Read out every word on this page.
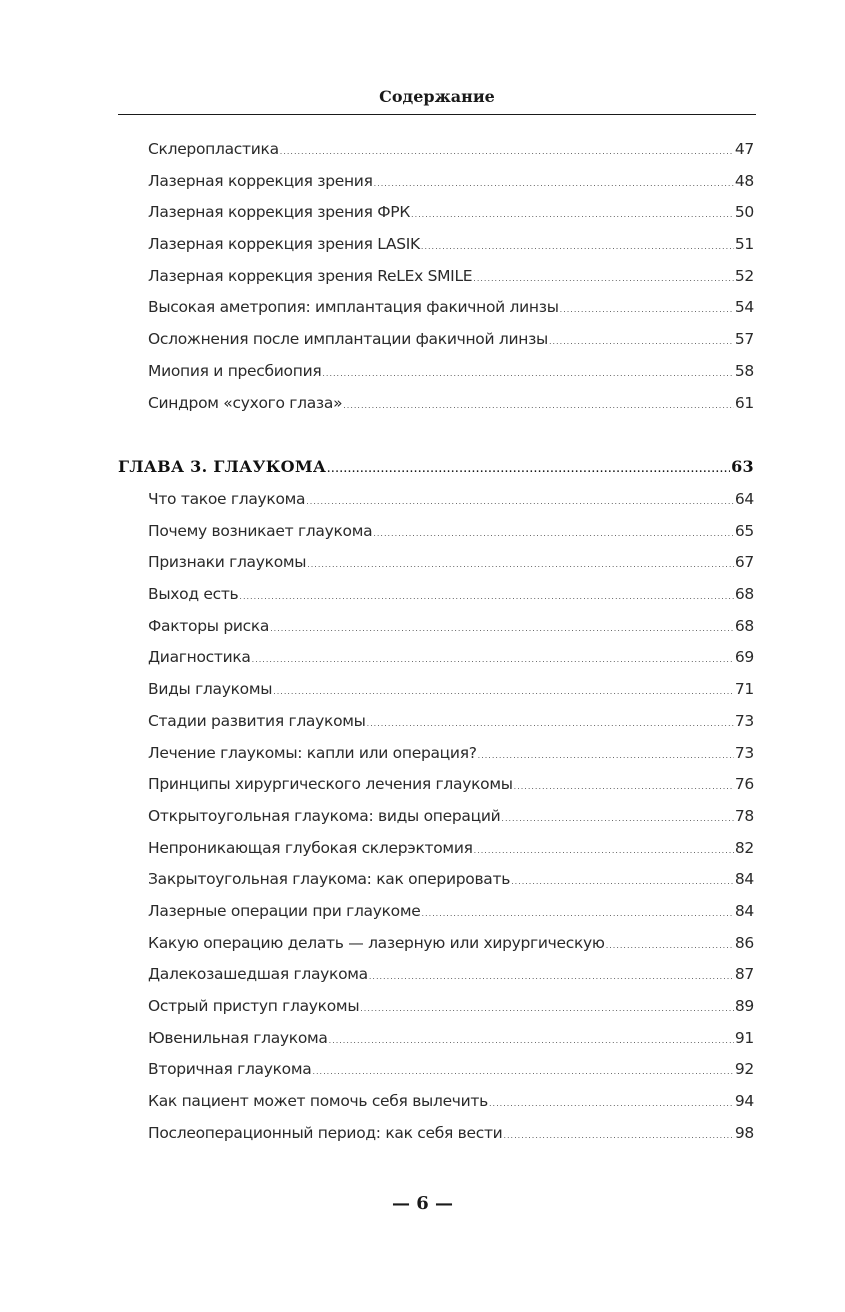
Содержание
Склеропластика .....	47
Лазерная коррекция зрения .....	48
Лазерная коррекция зрения ФРК .....	50
Лазерная коррекция зрения LASIK .....	51
Лазерная коррекция зрения ReLEx SMILE .....	52
Высокая аметропия: имплантация факичной линзы .....	54
Осложнения после имплантации факичной линзы .....	57
Миопия и пресбиопия .....	58
Синдром «сухого глаза» .....	61
ГЛАВА 3. ГЛАУКОМА .....	63
Что такое глаукома .....	64
Почему возникает глаукома .....	65
Признаки глаукомы .....	67
Выход есть .....	68
Факторы риска .....	68
Диагностика .....	69
Виды глаукомы .....	71
Стадии развития глаукомы .....	73
Лечение глаукомы: капли или операция? .....	73
Принципы хирургического лечения глаукомы .....	76
Открытоугольная глаукома: виды операций .....	78
Непроникающая глубокая склерэктомия .....	82
Закрытоугольная глаукома: как оперировать .....	84
Лазерные операции при глаукоме .....	84
Какую операцию делать — лазерную или хирургическую .....	86
Далекозашедшая глаукома .....	87
Острый приступ глаукомы .....	89
Ювенильная глаукома .....	91
Вторичная глаукома .....	92
Как пациент может помочь себя вылечить .....	94
Послеоперационный период: как себя вести .....	98
— 6 —
